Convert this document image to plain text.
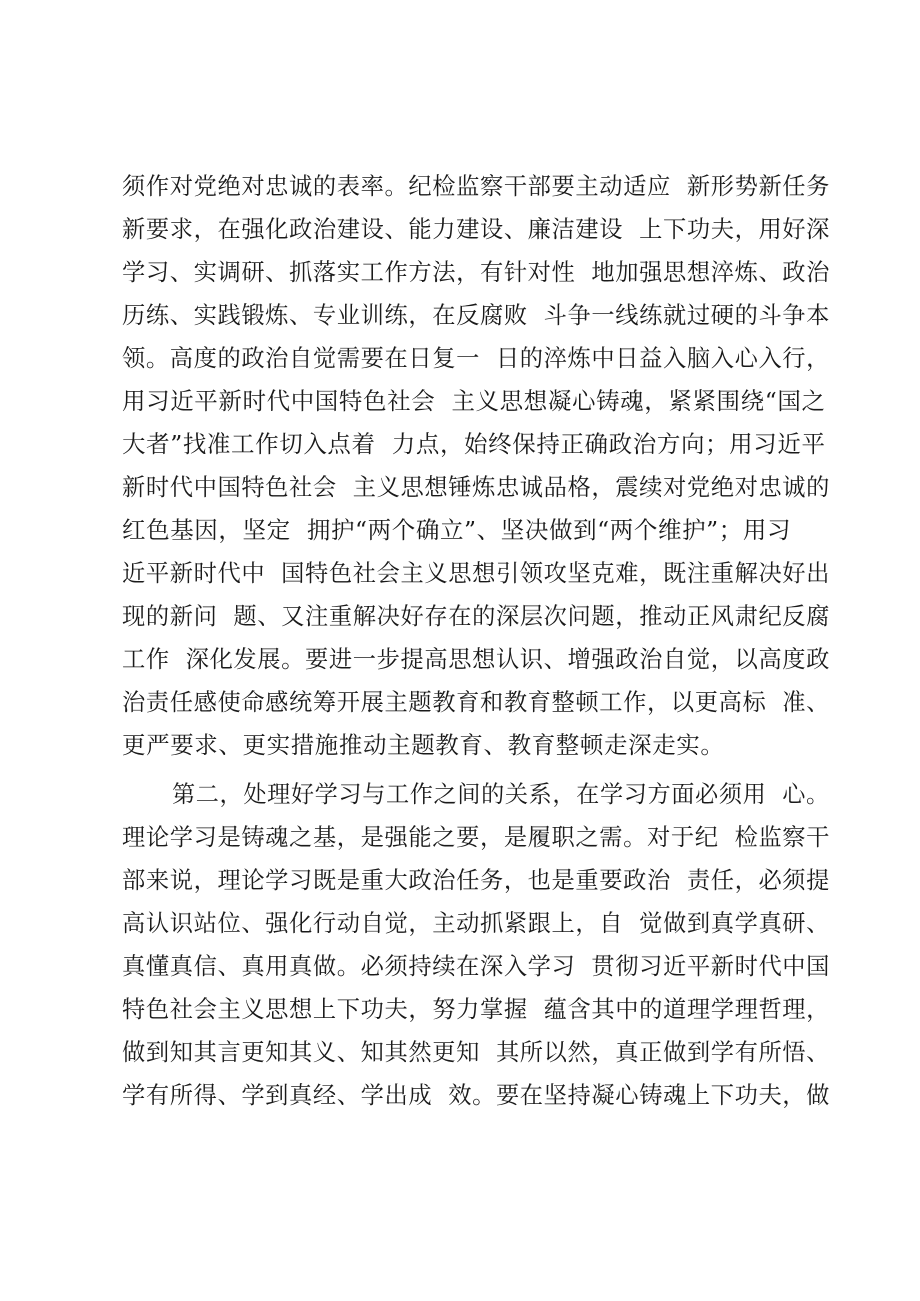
须作对党绝对忠诚的表率。纪检监察干部要主动适应  新形势新任务
新要求，在强化政治建设、能力建设、廉洁建设  上下功夫，用好深
学习、实调研、抓落实工作方法，有针对性  地加强思想淬炼、政治
历练、实践锻炼、专业训练，在反腐败  斗争一线练就过硬的斗争本
领。高度的政治自觉需要在日复一  日的淬炼中日益入脑入心入行，
用习近平新时代中国特色社会  主义思想凝心铸魂，紧紧围绕“国之
大者”找准工作切入点着  力点，始终保持正确政治方向；用习近平
新时代中国特色社会  主义思想锤炼忠诚品格，震续对党绝对忠诚的
红色基因，坚定  拥护“两个确立”、坚决做到“两个维护”；用习
近平新时代中  国特色社会主义思想引领攻坚克难，既注重解决好出
现的新问  题、又注重解决好存在的深层次问题，推动正风肃纪反腐
工作  深化发展。要进一步提高思想认识、增强政治自觉，以高度政
治责任感使命感统筹开展主题教育和教育整顿工作，以更高标  准、
更严要求、更实措施推动主题教育、教育整顿走深走实。
第二，处理好学习与工作之间的关系，在学习方面必须用  心。
理论学习是铸魂之基，是强能之要，是履职之需。对于纪  检监察干
部来说，理论学习既是重大政治任务，也是重要政治  责任，必须提
高认识站位、强化行动自觉，主动抓紧跟上，自  觉做到真学真研、
真懂真信、真用真做。必须持续在深入学习  贯彻习近平新时代中国
特色社会主义思想上下功夫，努力掌握  蕴含其中的道理学理哲理，
做到知其言更知其义、知其然更知  其所以然，真正做到学有所悟、
学有所得、学到真经、学出成  效。要在坚持凝心铸魂上下功夫，做
